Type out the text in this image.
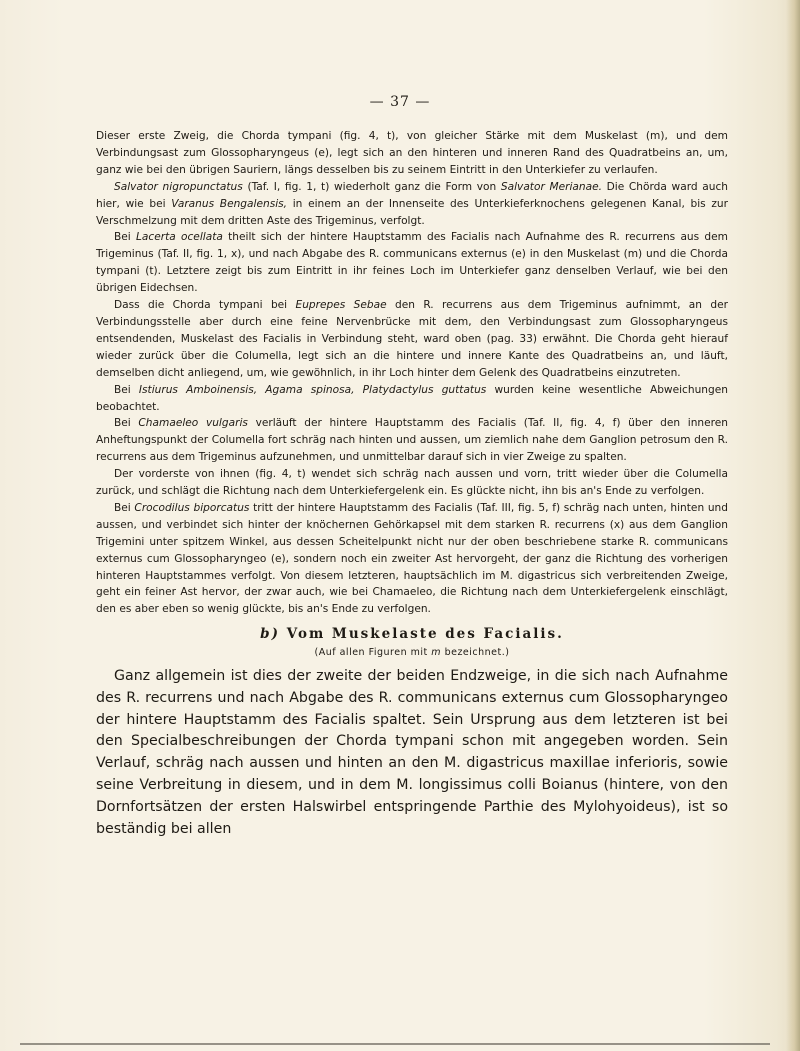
— 37 —

Dieser erste Zweig, die Chorda tympani (fig. 4, t), von gleicher Stärke mit dem Muskelast (m), und dem Verbindungsast zum Glossopharyngeus (e), legt sich an den hinteren und inneren Rand des Quadratbeins an, um, ganz wie bei den übrigen Sauriern, längs desselben bis zu seinem Eintritt in den Unterkiefer zu verlaufen.

Salvator nigropunctatus (Taf. I, fig. 1, t) wiederholt ganz die Form von Salvator Merianae. Die Chörda ward auch hier, wie bei Varanus Bengalensis, in einem an der Innenseite des Unterkieferknochens gelegenen Kanal, bis zur Verschmelzung mit dem dritten Aste des Trigeminus, verfolgt.

Bei Lacerta ocellata theilt sich der hintere Hauptstamm des Facialis nach Aufnahme des R. recurrens aus dem Trigeminus (Taf. II, fig. 1, x), und nach Abgabe des R. communicans externus (e) in den Muskelast (m) und die Chorda tympani (t). Letztere zeigt bis zum Eintritt in ihr feines Loch im Unterkiefer ganz denselben Verlauf, wie bei den übrigen Eidechsen.

Dass die Chorda tympani bei Euprepes Sebae den R. recurrens aus dem Trigeminus aufnimmt, an der Verbindungsstelle aber durch eine feine Nervenbrücke mit dem, den Verbindungsast zum Glossopharyngeus entsendenden, Muskelast des Facialis in Verbindung steht, ward oben (pag. 33) erwähnt. Die Chorda geht hierauf wieder zurück über die Columella, legt sich an die hintere und innere Kante des Quadratbeins an, und läuft, demselben dicht anliegend, um, wie gewöhnlich, in ihr Loch hinter dem Gelenk des Quadratbeins einzutreten.

Bei Istiurus Amboinensis, Agama spinosa, Platydactylus guttatus wurden keine wesentliche Abweichungen beobachtet.

Bei Chamaeleo vulgaris verläuft der hintere Hauptstamm des Facialis (Taf. II, fig. 4, f) über den inneren Anheftungspunkt der Columella fort schräg nach hinten und aussen, um ziemlich nahe dem Ganglion petrosum den R. recurrens aus dem Trigeminus aufzunehmen, und unmittelbar darauf sich in vier Zweige zu spalten.

Der vorderste von ihnen (fig. 4, t) wendet sich schräg nach aussen und vorn, tritt wieder über die Columella zurück, und schlägt die Richtung nach dem Unterkiefergelenk ein. Es glückte nicht, ihn bis an's Ende zu verfolgen.

Bei Crocodilus biporcatus tritt der hintere Hauptstamm des Facialis (Taf. III, fig. 5, f) schräg nach unten, hinten und aussen, und verbindet sich hinter der knöchernen Gehörkapsel mit dem starken R. recurrens (x) aus dem Ganglion Trigemini unter spitzem Winkel, aus dessen Scheitelpunkt nicht nur der oben beschriebene starke R. communicans externus cum Glossopharyngeo (e), sondern noch ein zweiter Ast hervorgeht, der ganz die Richtung des vorherigen hinteren Hauptstammes verfolgt. Von diesem letzteren, hauptsächlich im M. digastricus sich verbreitenden Zweige, geht ein feiner Ast hervor, der zwar auch, wie bei Chamaeleo, die Richtung nach dem Unterkiefergelenk einschlägt, den es aber eben so wenig glückte, bis an's Ende zu verfolgen.

b) Vom Muskelaste des Facialis.
(Auf allen Figuren mit m bezeichnet.)

Ganz allgemein ist dies der zweite der beiden Endzweige, in die sich nach Aufnahme des R. recurrens und nach Abgabe des R. communicans externus cum Glossopharyngeo der hintere Hauptstamm des Facialis spaltet. Sein Ursprung aus dem letzteren ist bei den Specialbeschreibungen der Chorda tympani schon mit angegeben worden. Sein Verlauf, schräg nach aussen und hinten an den M. digastricus maxillae inferioris, sowie seine Verbreitung in diesem, und in dem M. longissimus colli Boianus (hintere, von den Dornfortsätzen der ersten Halswirbel entspringende Parthie des Mylohyoideus), ist so beständig bei allen
